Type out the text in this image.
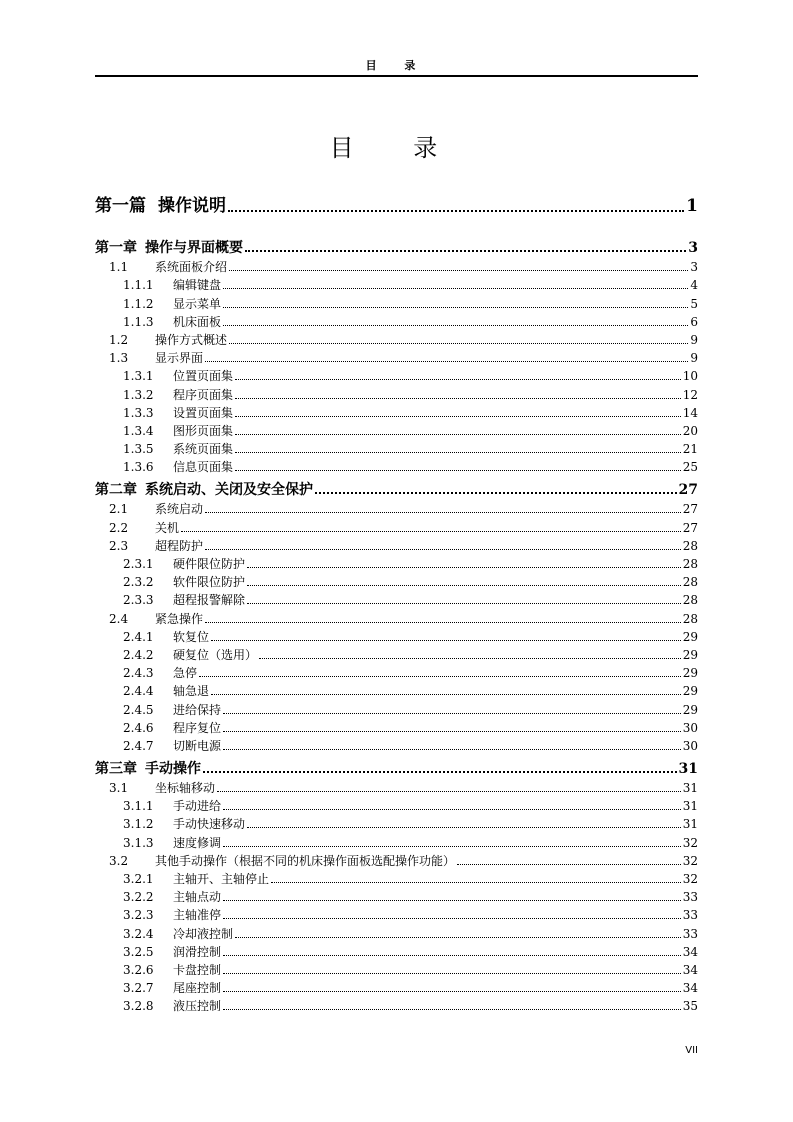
目 录
目 录
第一篇 操作说明	1
第一章 操作与界面概要	3
1.1	系统面板介绍	3
1.1.1	编辑键盘	4
1.1.2	显示菜单	5
1.1.3	机床面板	6
1.2	操作方式概述	9
1.3	显示界面	9
1.3.1	位置页面集	10
1.3.2	程序页面集	12
1.3.3	设置页面集	14
1.3.4	图形页面集	20
1.3.5	系统页面集	21
1.3.6	信息页面集	25
第二章 系统启动、关闭及安全保护	27
2.1	系统启动	27
2.2	关机	27
2.3	超程防护	28
2.3.1	硬件限位防护	28
2.3.2	软件限位防护	28
2.3.3	超程报警解除	28
2.4	紧急操作	28
2.4.1	软复位	29
2.4.2	硬复位（选用）	29
2.4.3	急停	29
2.4.4	轴急退	29
2.4.5	进给保持	29
2.4.6	程序复位	30
2.4.7	切断电源	30
第三章 手动操作	31
3.1	坐标轴移动	31
3.1.1	手动进给	31
3.1.2	手动快速移动	31
3.1.3	速度修调	32
3.2	其他手动操作（根据不同的机床操作面板选配操作功能）	32
3.2.1	主轴开、主轴停止	32
3.2.2	主轴点动	33
3.2.3	主轴准停	33
3.2.4	冷却液控制	33
3.2.5	润滑控制	34
3.2.6	卡盘控制	34
3.2.7	尾座控制	34
3.2.8	液压控制	35
VII
